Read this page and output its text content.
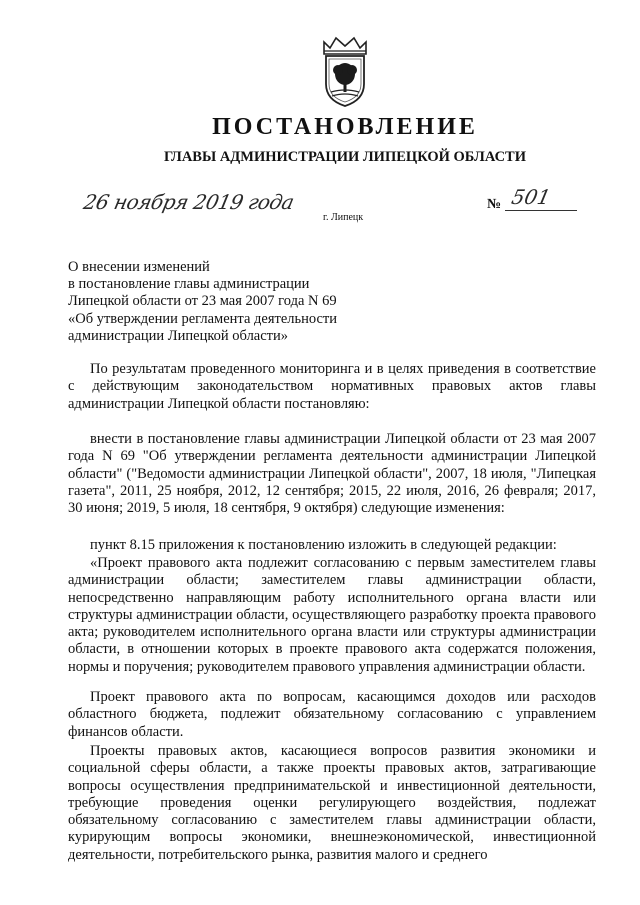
ПОСТАНОВЛЕНИЕ
ГЛАВЫ АДМИНИСТРАЦИИ ЛИПЕЦКОЙ ОБЛАСТИ
26 ноября 2019 года
г. Липецк
№ 501
О внесении изменений
в постановление главы администрации
Липецкой области от 23 мая 2007 года N 69
«Об утверждении регламента деятельности
администрации Липецкой области»
По результатам проведенного мониторинга и в целях приведения в соответствие с действующим законодательством нормативных правовых актов главы администрации Липецкой области постановляю:
внести в постановление главы администрации Липецкой области от 23 мая 2007 года N 69 "Об утверждении регламента деятельности администрации Липецкой области" ("Ведомости администрации Липецкой области", 2007, 18 июля, "Липецкая газета", 2011, 25 ноября, 2012, 12 сентября; 2015, 22 июля, 2016, 26 февраля; 2017, 30 июня; 2019, 5 июля, 18 сентября, 9 октября) следующие изменения:
пункт 8.15 приложения к постановлению изложить в следующей редакции:
«Проект правового акта подлежит согласованию с первым заместителем главы администрации области; заместителем главы администрации области, непосредственно направляющим работу исполнительного органа власти или структуры администрации области, осуществляющего разработку проекта правового акта; руководителем исполнительного органа власти или структуры администрации области, в отношении которых в проекте правового акта содержатся положения, нормы и поручения; руководителем правового управления администрации области.
Проект правового акта по вопросам, касающимся доходов или расходов областного бюджета, подлежит обязательному согласованию с управлением финансов области.
Проекты правовых актов, касающиеся вопросов развития экономики и социальной сферы области, а также проекты правовых актов, затрагивающие вопросы осуществления предпринимательской и инвестиционной деятельности, требующие проведения оценки регулирующего воздействия, подлежат обязательному согласованию с заместителем главы администрации области, курирующим вопросы экономики, внешнеэкономической, инвестиционной деятельности, потребительского рынка, развития малого и среднего
